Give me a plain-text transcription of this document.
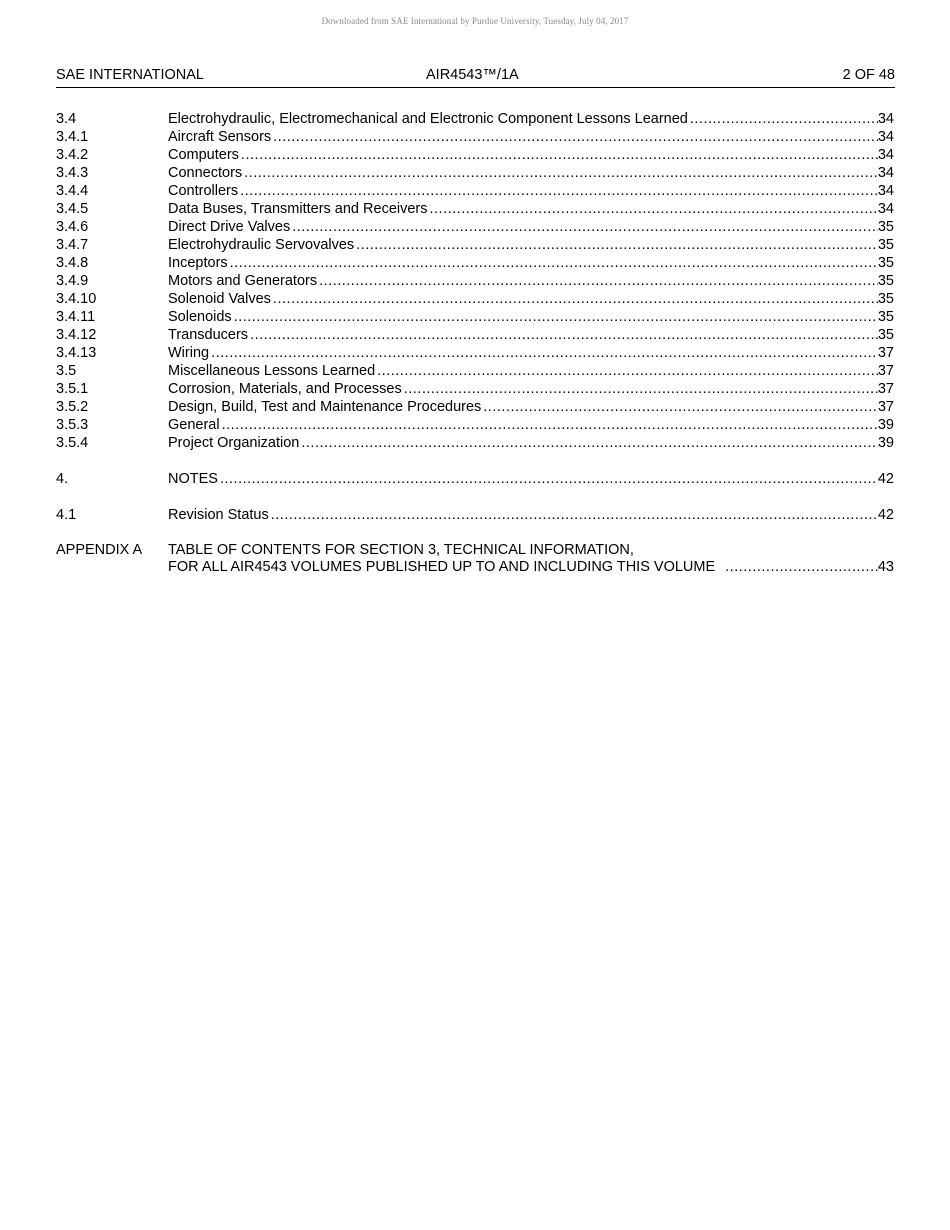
Downloaded from SAE International by Purdue University, Tuesday, July 04, 2017
SAE INTERNATIONAL	AIR4543™/1A	2 OF 48
3.4	Electrohydraulic, Electromechanical and Electronic Component Lessons Learned .....	34
3.4.1	Aircraft Sensors .....	34
3.4.2	Computers .....	34
3.4.3	Connectors .....	34
3.4.4	Controllers .....	34
3.4.5	Data Buses, Transmitters and Receivers .....	34
3.4.6	Direct Drive Valves .....	35
3.4.7	Electrohydraulic Servovalves .....	35
3.4.8	Inceptors .....	35
3.4.9	Motors and Generators .....	35
3.4.10	Solenoid Valves .....	35
3.4.11	Solenoids .....	35
3.4.12	Transducers .....	35
3.4.13	Wiring .....	37
3.5	Miscellaneous Lessons Learned .....	37
3.5.1	Corrosion, Materials, and Processes .....	37
3.5.2	Design, Build, Test and Maintenance Procedures .....	37
3.5.3	General .....	39
3.5.4	Project Organization .....	39
4.	NOTES .....	42
4.1	Revision Status .....	42
APPENDIX A	TABLE OF CONTENTS FOR SECTION 3, TECHNICAL INFORMATION,
FOR ALL AIR4543 VOLUMES PUBLISHED UP TO AND INCLUDING THIS VOLUME .....	43
